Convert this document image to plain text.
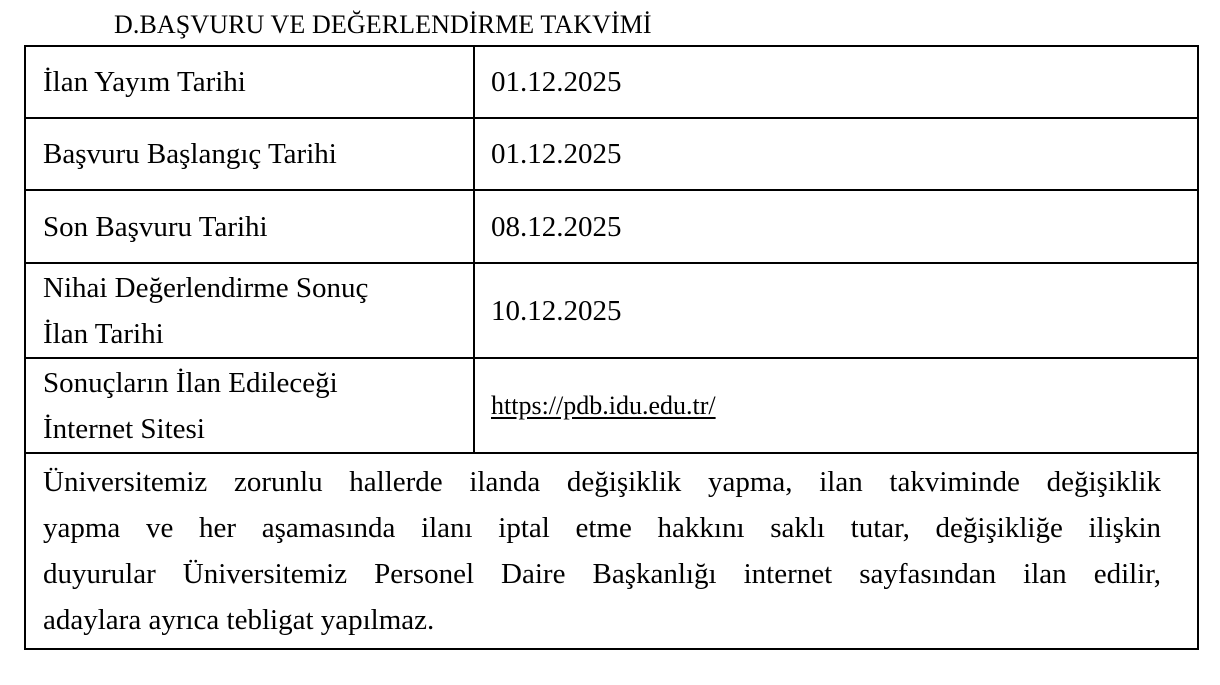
D.BAŞVURU VE DEĞERLENDİRME TAKVİMİ
İlan Yayım Tarihi	01.12.2025
Başvuru Başlangıç Tarihi	01.12.2025
Son Başvuru Tarihi	08.12.2025

Nihai Değerlendirme Sonuç
İlan Tarihi	10.12.2025

Sonuçların İlan Edileceği
İnternet Sitesi	https://pdb.idu.edu.tr/

Üniversitemiz zorunlu hallerde ilanda değişiklik yapma, ilan takviminde değişiklik
yapma ve her aşamasında ilanı iptal etme hakkını saklı tutar, değişikliğe ilişkin
duyurular Üniversitemiz Personel Daire Başkanlığı internet sayfasından ilan edilir,
adaylara ayrıca tebligat yapılmaz.	
